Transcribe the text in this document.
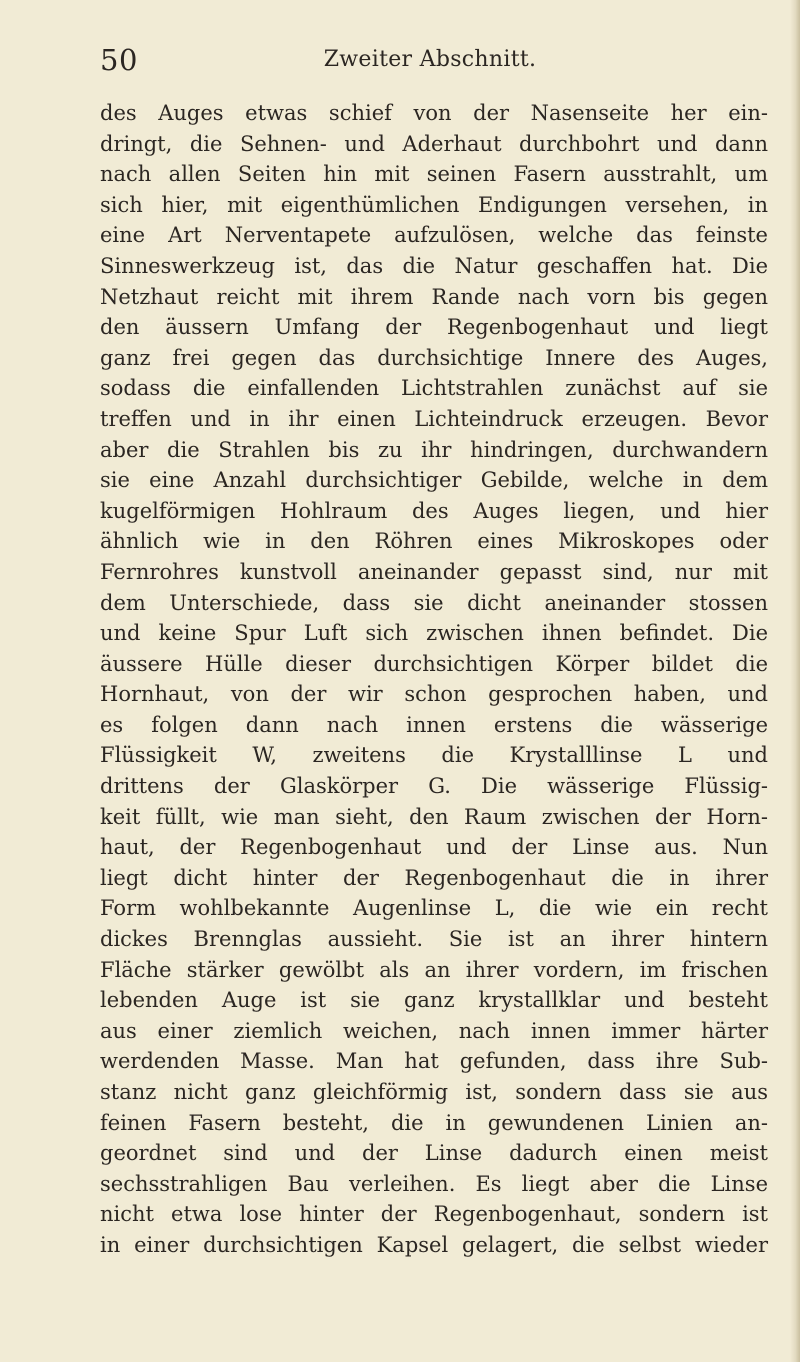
50	Zweiter Abschnitt.
des Auges etwas schief von der Nasenseite her ein-
dringt, die Sehnen- und Aderhaut durchbohrt und dann
nach allen Seiten hin mit seinen Fasern ausstrahlt, um
sich hier, mit eigenthümlichen Endigungen versehen, in
eine Art Nerventapete aufzulösen, welche das feinste
Sinneswerkzeug ist, das die Natur geschaffen hat. Die
Netzhaut reicht mit ihrem Rande nach vorn bis gegen
den äussern Umfang der Regenbogenhaut und liegt
ganz frei gegen das durchsichtige Innere des Auges,
sodass die einfallenden Lichtstrahlen zunächst auf sie
treffen und in ihr einen Lichteindruck erzeugen. Bevor
aber die Strahlen bis zu ihr hindringen, durchwandern
sie eine Anzahl durchsichtiger Gebilde, welche in dem
kugelförmigen Hohlraum des Auges liegen, und hier
ähnlich wie in den Röhren eines Mikroskopes oder
Fernrohres kunstvoll aneinander gepasst sind, nur mit
dem Unterschiede, dass sie dicht aneinander stossen
und keine Spur Luft sich zwischen ihnen befindet. Die
äussere Hülle dieser durchsichtigen Körper bildet die
Hornhaut, von der wir schon gesprochen haben, und
es folgen dann nach innen erstens die wässerige
Flüssigkeit W, zweitens die Krystalllinse L und
drittens der Glaskörper G. Die wässerige Flüssig-
keit füllt, wie man sieht, den Raum zwischen der Horn-
haut, der Regenbogenhaut und der Linse aus. Nun
liegt dicht hinter der Regenbogenhaut die in ihrer
Form wohlbekannte Augenlinse L, die wie ein recht
dickes Brennglas aussieht. Sie ist an ihrer hintern
Fläche stärker gewölbt als an ihrer vordern, im frischen
lebenden Auge ist sie ganz krystallklar und besteht
aus einer ziemlich weichen, nach innen immer härter
werdenden Masse. Man hat gefunden, dass ihre Sub-
stanz nicht ganz gleichförmig ist, sondern dass sie aus
feinen Fasern besteht, die in gewundenen Linien an-
geordnet sind und der Linse dadurch einen meist
sechsstrahligen Bau verleihen. Es liegt aber die Linse
nicht etwa lose hinter der Regenbogenhaut, sondern ist
in einer durchsichtigen Kapsel gelagert, die selbst wieder
